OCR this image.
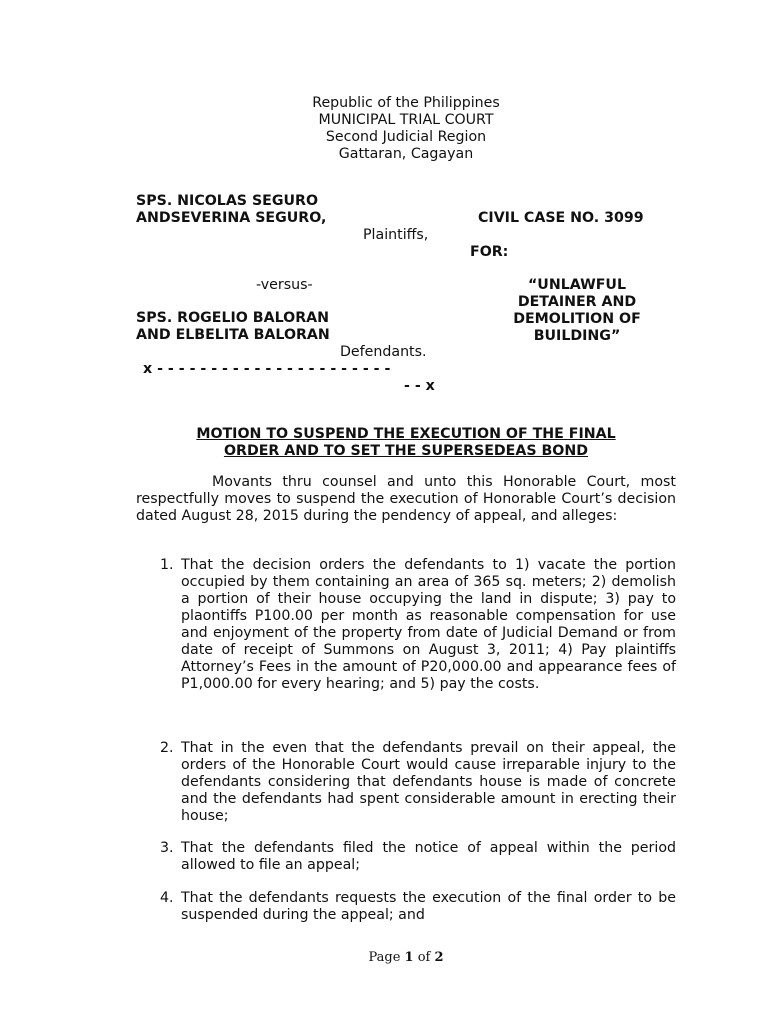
Republic of the Philippines

MUNICIPAL TRIAL COURT

Second Judicial Region

Gattaran, Cagayan

SPS. NICOLAS SEGURO

ANDSEVERINA SEGURO,

Plaintiffs,

-versus-

SPS. ROGELIO BALORAN

AND ELBELITA BALORAN

Defendants.

x - - - - - - - - - - - - - - - - - - - - - -

- - x

CIVIL CASE NO. 3099

FOR:

“UNLAWFUL
DETAINER AND
DEMOLITION OF
BUILDING”

MOTION TO SUSPEND THE EXECUTION OF THE FINAL

ORDER AND TO SET THE SUPERSEDEAS BOND

Movants thru counsel and unto this Honorable Court, most respectfully moves to suspend the execution of Honorable Court’s decision dated August 28, 2015 during the pendency of appeal, and alleges:

1. That the decision orders the defendants to 1) vacate the portion occupied by them containing an area of 365 sq. meters; 2) demolish a portion of their house occupying the land in dispute; 3) pay to plaontiffs P100.00 per month as reasonable compensation for use and enjoyment of the property from date of Judicial Demand or from date of receipt of Summons on August 3, 2011; 4) Pay plaintiffs Attorney’s Fees in the amount of P20,000.00 and appearance fees of P1,000.00 for every hearing; and 5) pay the costs.

2. That in the even that the defendants prevail on their appeal, the orders of the Honorable Court would cause irreparable injury to the defendants considering that defendants house is made of concrete and the defendants had spent considerable amount in erecting their house;

3. That the defendants filed the notice of appeal within the period allowed to file an appeal;

4. That the defendants requests the execution of the final order to be suspended during the appeal; and

Page 1 of 2
